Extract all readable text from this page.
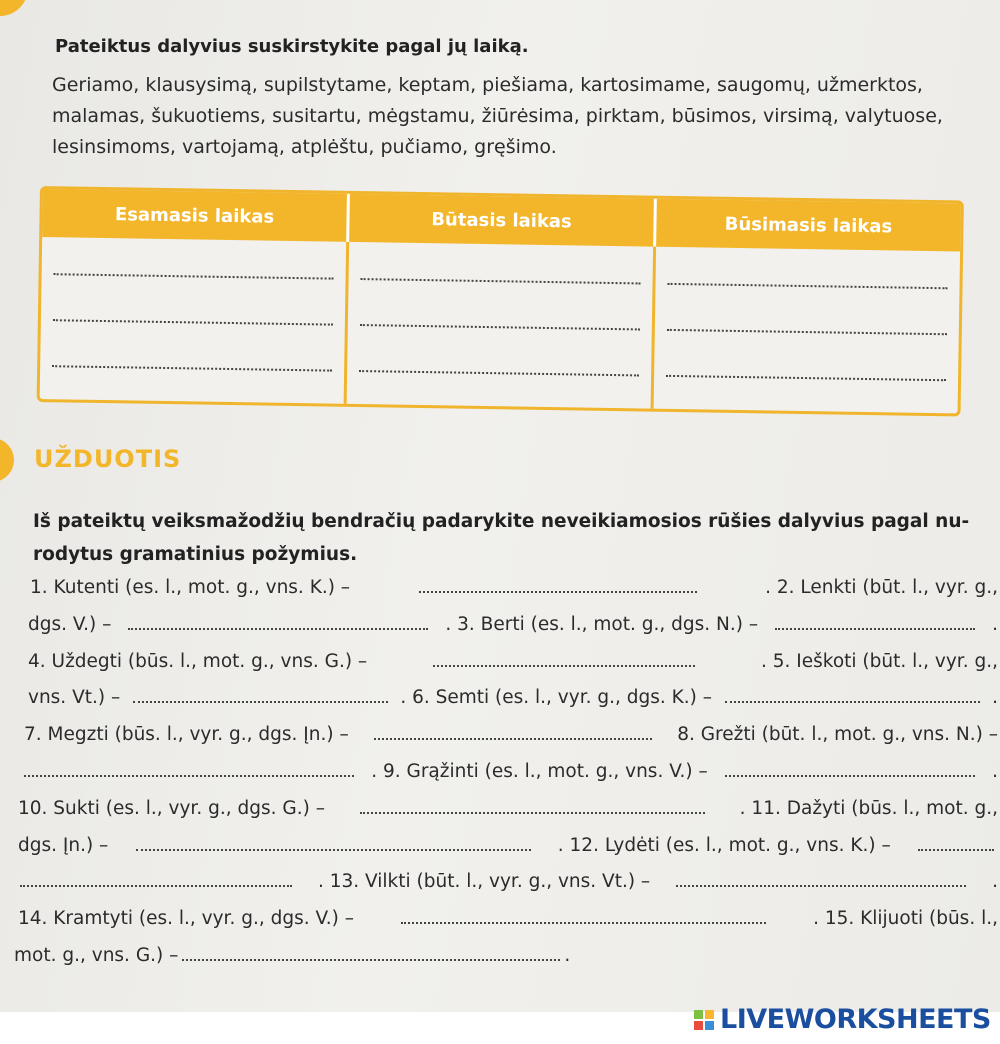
Pateiktus dalyvius suskirstykite pagal jų laiką.
Geriamo, klausysimą, supilstytame, keptam, piešiama, kartosimame, saugomų, užmerktos,
malamas, šukuotiems, susitartu, mėgstamu, žiūrėsima, pirktam, būsimos, virsimą, valytuose,
lesinsimoms, vartojamą, atplėštu, pučiamo, gręšimo.
Esamasis laikas	Būtasis laikas	Būsimasis laikas
UŽDUOTIS
Iš pateiktų veiksmažodžių bendračių padarykite neveikiamosios rūšies dalyvius pagal nu-
rodytus gramatinius požymius.
1. Kutenti (es. l., mot. g., vns. K.) –	. 2. Lenkti (būt. l., vyr. g.,
dgs. V.) –	. 3. Berti (es. l., mot. g., dgs. N.) –	.
4. Uždegti (būs. l., mot. g., vns. G.) –	. 5. Ieškoti (būt. l., vyr. g.,
vns. Vt.) –	. 6. Semti (es. l., vyr. g., dgs. K.) –	.
7. Megzti (būs. l., vyr. g., dgs. Įn.) –	8. Grežti (būt. l., mot. g., vns. N.) –
. 9. Grąžinti (es. l., mot. g., vns. V.) –	.
10. Sukti (es. l., vyr. g., dgs. G.) –	. 11. Dažyti (būs. l., mot. g.,
dgs. Įn.) –	. 12. Lydėti (es. l., mot. g., vns. K.) –
. 13. Vilkti (būt. l., vyr. g., vns. Vt.) –	.
14. Kramtyti (es. l., vyr. g., dgs. V.) –	. 15. Klijuoti (būs. l.,
mot. g., vns. G.) –	.
LIVEWORKSHEETS
